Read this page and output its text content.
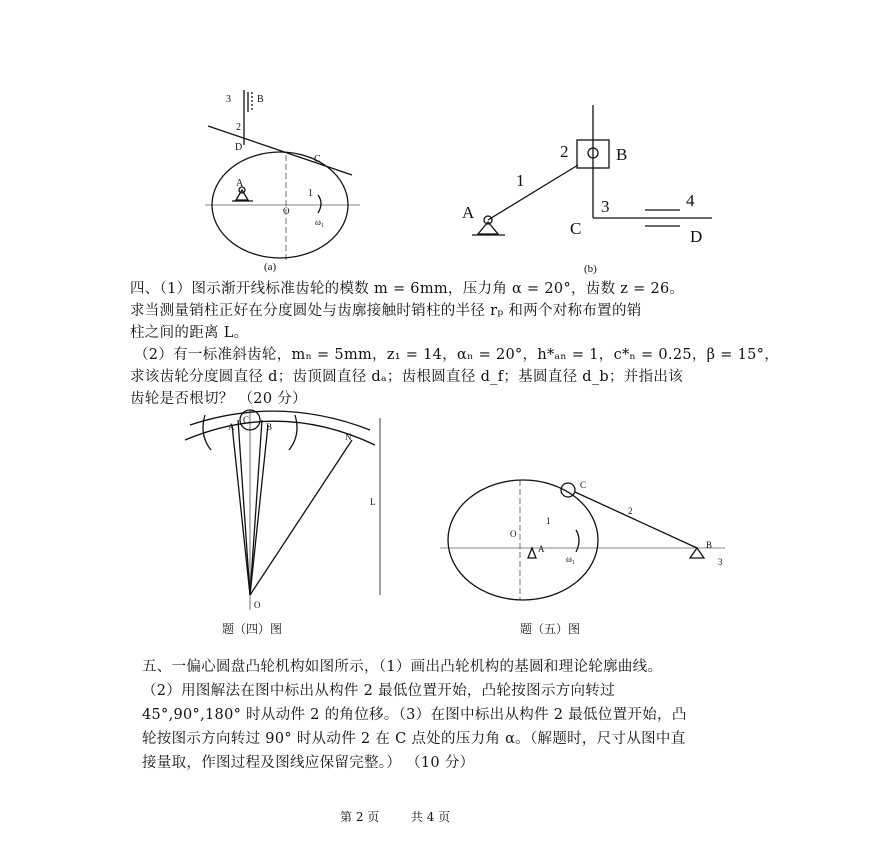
3	B
2
D
C
A
1
O
ω₁
(a)
2	B
1
A	3
C
4
D
(b)
C
A	B
N
L
O
C
2
O
1
A
ω₁
B
3
四、（1）图示渐开线标准齿轮的模数 m = 6mm，压力角 α = 20°，齿数 z = 26。
求当测量销柱正好在分度圆处与齿廓接触时销柱的半径 rₚ 和两个对称布置的销
柱之间的距离 L。
（2）有一标准斜齿轮，mₙ = 5mm，z₁ = 14，αₙ = 20°，h*ₐₙ = 1，c*ₙ = 0.25，β = 15°，
求该齿轮分度圆直径 d；齿顶圆直径 dₐ；齿根圆直径 d_f；基圆直径 d_b；并指出该
齿轮是否根切？ （20 分）
题（四）图	题（五）图
五、一偏心圆盘凸轮机构如图所示，（1）画出凸轮机构的基圆和理论轮廓曲线。
（2）用图解法在图中标出从构件 2 最低位置开始，凸轮按图示方向转过
45°,90°,180° 时从动件 2 的角位移。（3）在图中标出从构件 2 最低位置开始，凸
轮按图示方向转过 90° 时从动件 2 在 C 点处的压力角 α。（解题时，尺寸从图中直
接量取，作图过程及图线应保留完整。） （10 分）
第 2 页	共 4 页
